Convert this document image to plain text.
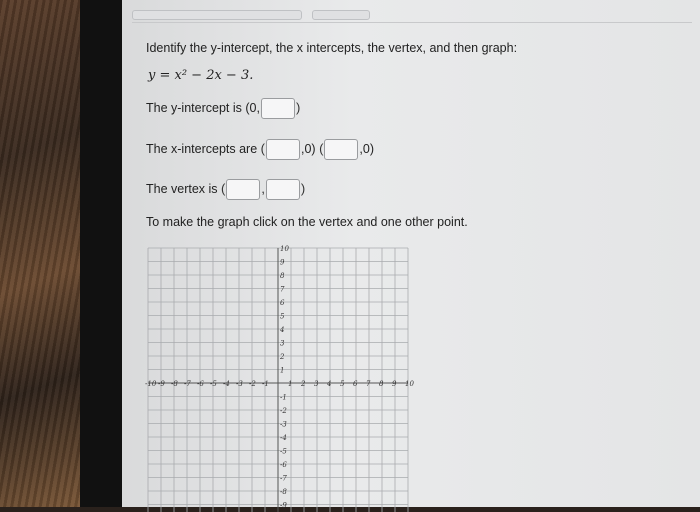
Identify the y-intercept, the x intercepts, the vertex, and then graph:
y = x² − 2x − 3.
The y-intercept is (0,	)
The x-intercepts are (	,0) (	,0)
The vertex is (	,	)
To make the graph click on the vertex and one other point.
-10 -9 -8 -7 -6 -5 -4 -3 -2 -1	1 2 3 4 5 6 7 8 9 10
10
9
8
7
6
5
4
3
2
1
-1
-2
-3
-4
-5
-6
-7
-8
-9
